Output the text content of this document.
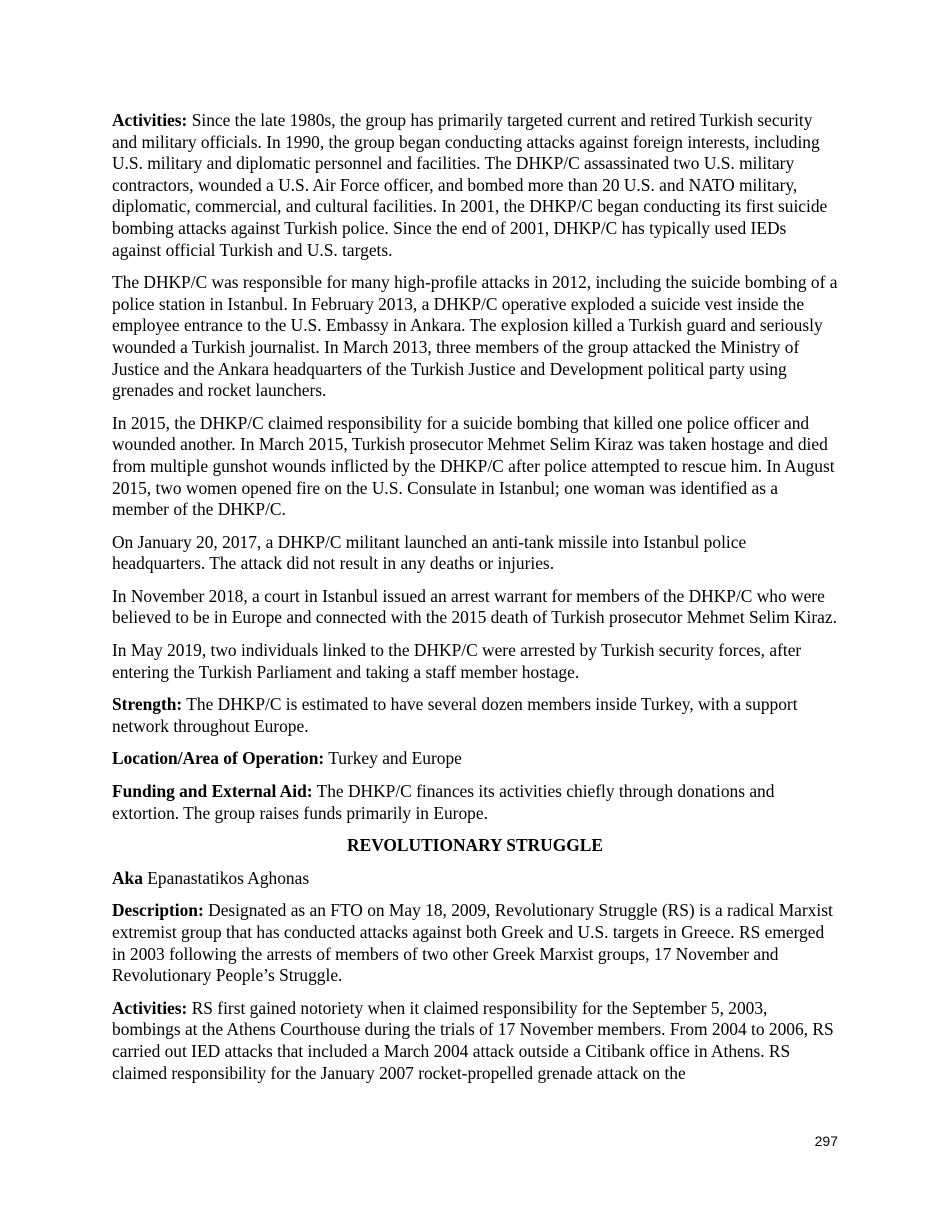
Activities: Since the late 1980s, the group has primarily targeted current and retired Turkish security and military officials. In 1990, the group began conducting attacks against foreign interests, including U.S. military and diplomatic personnel and facilities. The DHKP/C assassinated two U.S. military contractors, wounded a U.S. Air Force officer, and bombed more than 20 U.S. and NATO military, diplomatic, commercial, and cultural facilities. In 2001, the DHKP/C began conducting its first suicide bombing attacks against Turkish police. Since the end of 2001, DHKP/C has typically used IEDs against official Turkish and U.S. targets.

The DHKP/C was responsible for many high-profile attacks in 2012, including the suicide bombing of a police station in Istanbul. In February 2013, a DHKP/C operative exploded a suicide vest inside the employee entrance to the U.S. Embassy in Ankara. The explosion killed a Turkish guard and seriously wounded a Turkish journalist. In March 2013, three members of the group attacked the Ministry of Justice and the Ankara headquarters of the Turkish Justice and Development political party using grenades and rocket launchers.

In 2015, the DHKP/C claimed responsibility for a suicide bombing that killed one police officer and wounded another. In March 2015, Turkish prosecutor Mehmet Selim Kiraz was taken hostage and died from multiple gunshot wounds inflicted by the DHKP/C after police attempted to rescue him. In August 2015, two women opened fire on the U.S. Consulate in Istanbul; one woman was identified as a member of the DHKP/C.

On January 20, 2017, a DHKP/C militant launched an anti-tank missile into Istanbul police headquarters. The attack did not result in any deaths or injuries.

In November 2018, a court in Istanbul issued an arrest warrant for members of the DHKP/C who were believed to be in Europe and connected with the 2015 death of Turkish prosecutor Mehmet Selim Kiraz.

In May 2019, two individuals linked to the DHKP/C were arrested by Turkish security forces, after entering the Turkish Parliament and taking a staff member hostage.

Strength: The DHKP/C is estimated to have several dozen members inside Turkey, with a support network throughout Europe.

Location/Area of Operation: Turkey and Europe

Funding and External Aid: The DHKP/C finances its activities chiefly through donations and extortion. The group raises funds primarily in Europe.

REVOLUTIONARY STRUGGLE

Aka Epanastatikos Aghonas

Description: Designated as an FTO on May 18, 2009, Revolutionary Struggle (RS) is a radical Marxist extremist group that has conducted attacks against both Greek and U.S. targets in Greece. RS emerged in 2003 following the arrests of members of two other Greek Marxist groups, 17 November and Revolutionary People’s Struggle.

Activities: RS first gained notoriety when it claimed responsibility for the September 5, 2003, bombings at the Athens Courthouse during the trials of 17 November members. From 2004 to 2006, RS carried out IED attacks that included a March 2004 attack outside a Citibank office in Athens. RS claimed responsibility for the January 2007 rocket-propelled grenade attack on the

297
